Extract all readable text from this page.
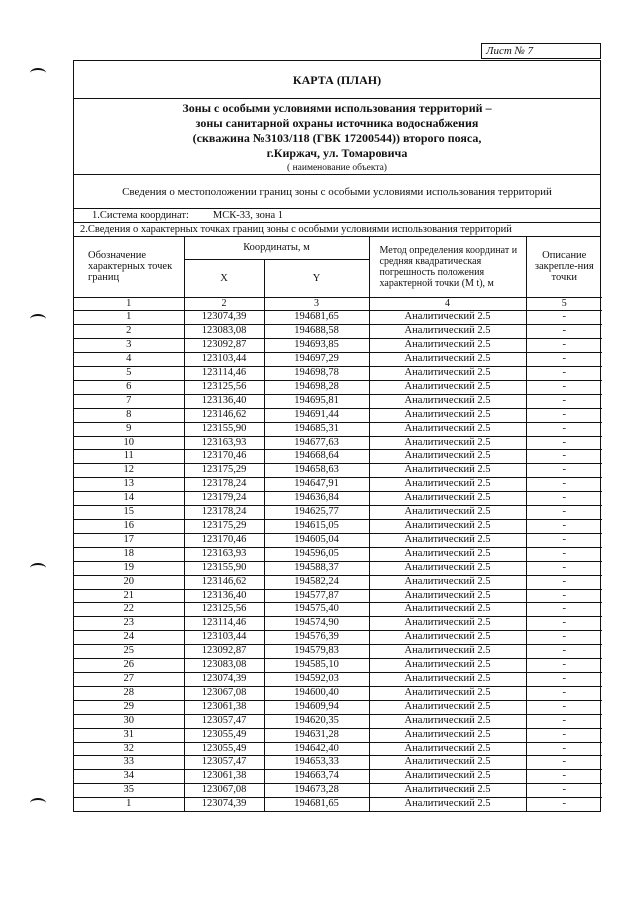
Лист № 7
КАРТА (ПЛАН)
Зоны с особыми условиями использования территорий –
зоны санитарной охраны источника водоснабжения
(скважина №3103/118 (ГВК 17200544)) второго пояса,
г.Киржач, ул. Томаровича
( наименование объекта)
Сведения о местоположении границ зоны с особыми условиями использования территорий
1.Система координат: МСК-33, зона 1
2.Сведения о характерных точках границ зоны с особыми условиями использования территорий
Обозначение характерных точек границ	Координаты, м		Метод определения координат и средняя квадратическая погрешность положения характерной точки (М t), м	Описание закрепле-ния точки
	X	Y		
1	2	3	4	5
1	123074,39	194681,65	Аналитический 2.5	-
2	123083,08	194688,58	Аналитический 2.5	-
3	123092,87	194693,85	Аналитический 2.5	-
4	123103,44	194697,29	Аналитический 2.5	-
5	123114,46	194698,78	Аналитический 2.5	-
6	123125,56	194698,28	Аналитический 2.5	-
7	123136,40	194695,81	Аналитический 2.5	-
8	123146,62	194691,44	Аналитический 2.5	-
9	123155,90	194685,31	Аналитический 2.5	-
10	123163,93	194677,63	Аналитический 2.5	-
11	123170,46	194668,64	Аналитический 2.5	-
12	123175,29	194658,63	Аналитический 2.5	-
13	123178,24	194647,91	Аналитический 2.5	-
14	123179,24	194636,84	Аналитический 2.5	-
15	123178,24	194625,77	Аналитический 2.5	-
16	123175,29	194615,05	Аналитический 2.5	-
17	123170,46	194605,04	Аналитический 2.5	-
18	123163,93	194596,05	Аналитический 2.5	-
19	123155,90	194588,37	Аналитический 2.5	-
20	123146,62	194582,24	Аналитический 2.5	-
21	123136,40	194577,87	Аналитический 2.5	-
22	123125,56	194575,40	Аналитический 2.5	-
23	123114,46	194574,90	Аналитический 2.5	-
24	123103,44	194576,39	Аналитический 2.5	-
25	123092,87	194579,83	Аналитический 2.5	-
26	123083,08	194585,10	Аналитический 2.5	-
27	123074,39	194592,03	Аналитический 2.5	-
28	123067,08	194600,40	Аналитический 2.5	-
29	123061,38	194609,94	Аналитический 2.5	-
30	123057,47	194620,35	Аналитический 2.5	-
31	123055,49	194631,28	Аналитический 2.5	-
32	123055,49	194642,40	Аналитический 2.5	-
33	123057,47	194653,33	Аналитический 2.5	-
34	123061,38	194663,74	Аналитический 2.5	-
35	123067,08	194673,28	Аналитический 2.5	-
1	123074,39	194681,65	Аналитический 2.5	-
